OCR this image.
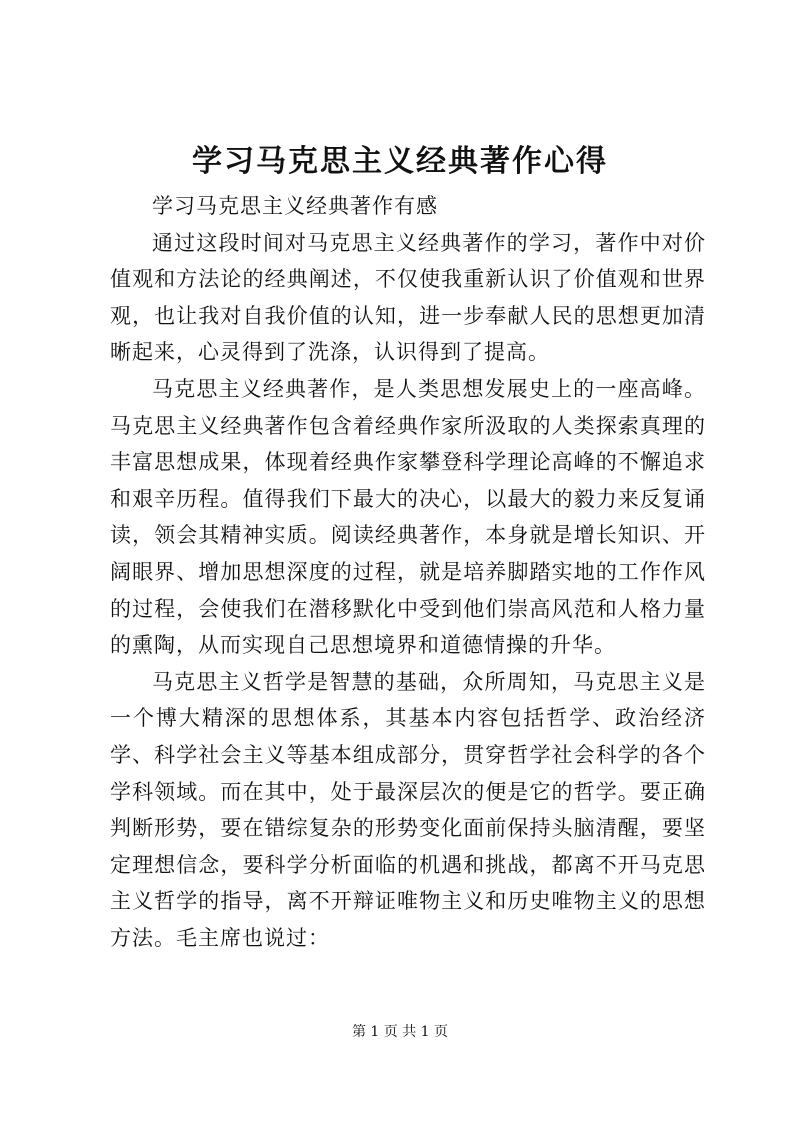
学习马克思主义经典著作心得

学习马克思主义经典著作有感

通过这段时间对马克思主义经典著作的学习，著作中对价值观和方法论的经典阐述，不仅使我重新认识了价值观和世界观，也让我对自我价值的认知，进一步奉献人民的思想更加清晰起来，心灵得到了洗涤，认识得到了提高。

马克思主义经典著作，是人类思想发展史上的一座高峰。马克思主义经典著作包含着经典作家所汲取的人类探索真理的丰富思想成果，体现着经典作家攀登科学理论高峰的不懈追求和艰辛历程。值得我们下最大的决心，以最大的毅力来反复诵读，领会其精神实质。阅读经典著作，本身就是增长知识、开阔眼界、增加思想深度的过程，就是培养脚踏实地的工作作风的过程，会使我们在潜移默化中受到他们崇高风范和人格力量的熏陶，从而实现自己思想境界和道德情操的升华。

马克思主义哲学是智慧的基础，众所周知，马克思主义是一个博大精深的思想体系，其基本内容包括哲学、政治经济学、科学社会主义等基本组成部分，贯穿哲学社会科学的各个学科领域。而在其中，处于最深层次的便是它的哲学。要正确判断形势，要在错综复杂的形势变化面前保持头脑清醒，要坚定理想信念，要科学分析面临的机遇和挑战，都离不开马克思主义哲学的指导，离不开辩证唯物主义和历史唯物主义的思想方法。毛主席也说过：

第 1 页 共 1 页
